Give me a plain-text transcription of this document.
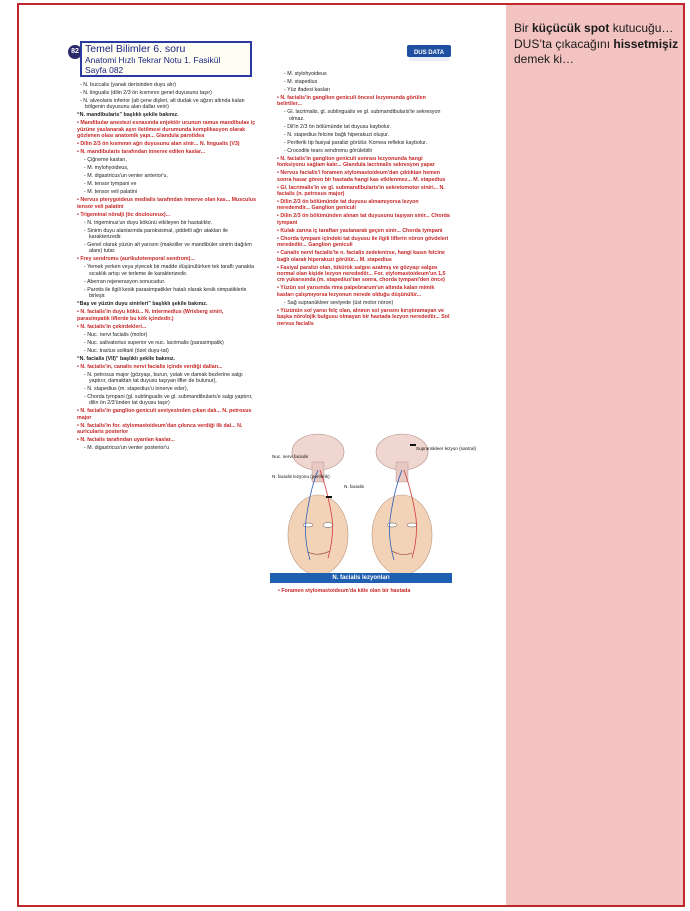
Bir küçücük spot kutucuğu…DUS’ta çıkacağını hissetmişiz demek ki…
82 Temel Bilimler 6. soru
Anatomi Hızlı Tekrar Notu 1. Fasikül
Sayfa 082
DUS DATA

- N. buccalis (yanak derisinden duyu alır)

- N. lingualis (dilin 2/3 ön kısmının genel duyusunu taşır)

- N. alveolaris inferior (alt çene dişleri, alt dudak ve ağzın altında kalan bölgenin duyusunu alan dallar verir)

“N. mandibularis” başlıklı şekile bakınız.

• Mandibular anestezi esnasında enjektör ucunun ramus mandibulae iç yüzüne yaslanarak aşırı iletilmesi durumunda komplikasyon olarak gözlenen olası anatomik yapı... Glandula parotidea

• Dilin 2/3 ön kısmının ağrı duyusunu alan sinir... N. lingualis (V3)

• N. mandibularis tarafından innerve edilen kaslar...

- Çiğneme kasları,

- M. mylohyoideus,

- M. digastricus'un venter anterior'u,

- M. tensor tympani ve

- M. tensor veli palatini

• Nervus pterygoideus medialis tarafından innerve olan kas... Musculus tensor veli palatini

• Trigeminal nöralji (tic douloureux)...

- N. trigeminus'un duyu kökünü etkileyen bir hastalıktır.

- Sinirin duyu alanlarında paroksismal, şiddetli ağrı atakları ile karakterizedir.

- Genel olarak yüzün alt yarısını (maksiller ve mandibüler sinirin dağılım alanı) tutar.

• Frey sendromu (aurikulotemporal sendrom)...

- Yemek yerken veya yiyecek bir madde düşünülürken tek taraflı yanakta sıcaklık artışı ve terleme ile karakterizedir.

- Aberran rejenerasyon sonucudur.

- Parotis ile ilgili kesik parasimpatikler hatalı olarak kesik simpatiklerle birleşir.

“Baş ve yüzün duyu sinirleri” başlıklı şekile bakınız.

• N. facialis'in duyu kökü... N. intermedius (Wrisberg siniri, parasimpatik liflerde bu kök içindedir.)

• N. facialis'in çekirdekleri...

- Nuc. nervi facialis (motor)

- Nuc. salivatorius superior ve nuc. lacrimalis (parasimpatik)

- Nuc. tractus solitarii (özel duyu-tat)

“N. facialis (VII)” başlıklı şekile bakınız.

• N. facialis'in, canalis nervi facialis içinde verdiği dalları...

- N. petrosus major (gözyaşı, burun, yutak ve damak bezlerine salgı yaptırır, damaktan tat duyusu taşıyan lifler de bulunur),

- N. stapedius (m. stapedius'u innerve eder),

- Chorda tympani (gl. sublingualis ve gl. submandibularis'e salgı yaptırır, dilin ön 2/3'ünden tat duyusu taşır)

• N. facialis'in ganglion geniculi seviyesinden çıkan dalı... N. petrosus major

• N. facialis'in for. stylomastoideum'dan çıkınca verdiği ilk dal... N. auricularis posterior

• N. facialis tarafından uyarılan kaslar...

- M. digastricus'un venter posterior'u

- M. stylohyoideus

- M. stapedius

- Yüz ifadesi kasları

• N. facialis'in ganglion geniculi öncesi lezyonunda görülen belirtiler...

- Gl. lacrimalis, gl. sublingualis ve gl. submandibularis'te sekresyon olmaz.

- Dil'in 2/3 ön bölümünde tat duyusu kaybolur.

- N. stapedius felcine bağlı hiperakuzi oluşur.

- Periferik tip fasiyal paralizi görülür. Kornea refleksi kaybolur.

- Crocodile tears sendromu görülebilir

• N. facialis'in ganglion geniculi sonrası lezyonunda hangi fonksiyonu sağlam kalır... Glandula lacrimalis sekresyon yapar

• Nervus facialis'i foramen stylomastoideum'dan çıktıktan hemen sonra hasar gören bir hastada hangi kas etkilenmez... M. stapedius

• Gl. lacrimalis'in ve gl. submandibularis'in sekretomotor siniri... N. facialis (n. petrosus major)

• Dilin 2/3 ön bölümünde tat duyusu alınamıyorsa lezyon neredemdir... Ganglion geniculi

• Dilin 2/3 ön bölümünden alınan tat duyusunu taşıyan sinir... Chorda tympani

• Kulak zarına iç taraftan yaslanarak geçen sinir... Chorda tympani

• Chorda tympani içindeki tat duyusu ile ilgili liflerin nöron gövdeleri neredediir... Ganglion geniculi

• Canalis nervi facialis'te n. facialis zedelenirse, hangi kasın felcine bağlı olarak hiperakuzi görülür... M. stapedius

• Fasiyal paralizi olan, tükürük salgısı azalmış ve gözyaşı salgısı normal olan kişide lezyon neredediir... For. stylomastoideum'un 1,5 cm yukarısında (m. stapedius'tan sonra, chorda tympani'den önce)

• Yüzün sol yarısında rima palpebrarum'un altında kalan mimik kasları çalışmıyorsa lezyonun nerede olduğu düşünülür...

- Sağ supranükleer seviyede (üst motor nöron)

• Yüzünün sol yarısı felç olan, alnının sol yarısını kırıştıramayan ve başka nörolojik bulgusu olmayan bir hastada lezyon neredediir... Sol nervus facialis

Nuc. nervi facialis
N. facialis lezyonu (periferik)
N. facialis
Supranükleer lezyon (santral)
N. facialis lezyonları
• Foramen stylomastoideum'da kitle olan bir hastada
